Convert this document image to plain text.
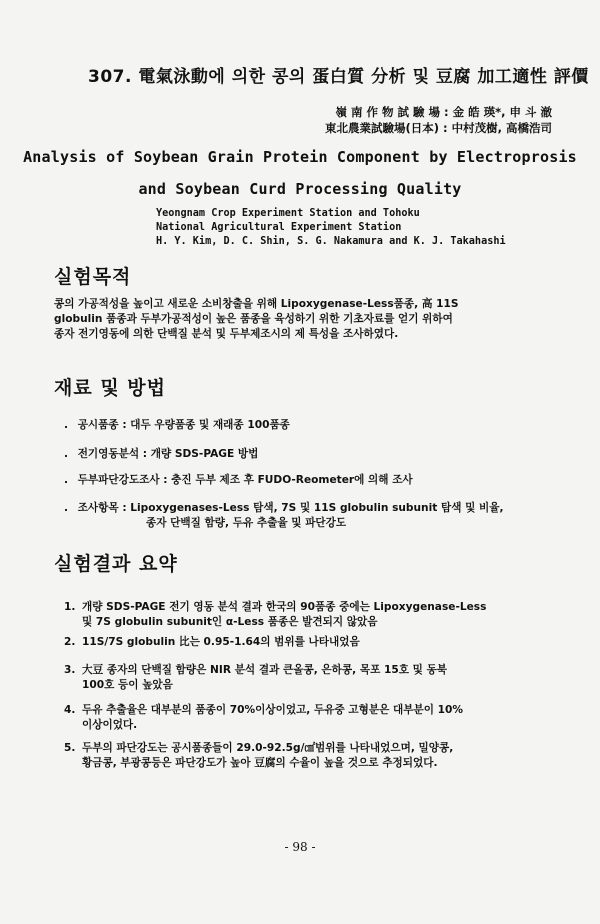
307. 電氣泳動에 의한 콩의 蛋白質 分析 및 豆腐 加工適性 評價
嶺 南 作 物 試 驗 場 : 金 皓 瑛*, 申 斗 澈
東北農業試驗場(日本) : 中村茂樹, 高橋浩司
Analysis of Soybean Grain Protein Component by Electroprosis
and Soybean Curd Processing Quality
Yeongnam Crop Experiment Station and Tohoku
National Agricultural Experiment Station
H. Y. Kim, D. C. Shin, S. G. Nakamura and K. J. Takahashi
실험목적
콩의 가공적성을 높이고 새로운 소비창출을 위해 Lipoxygenase-Less품종, 高 11S
globulin 품종과 두부가공적성이 높은 품종을 육성하기 위한 기초자료를 얻기 위하여
종자 전기영동에 의한 단백질 분석 및 두부제조시의 제 특성을 조사하였다.
재료 및 방법
. 공시품종 : 대두 우량품종 및 재래종 100품종
. 전기영동분석 : 개량 SDS-PAGE 방법
. 두부파단강도조사 : 충진 두부 제조 후 FUDO-Reometer에 의해 조사
. 조사항목 : Lipoxygenases-Less 탐색, 7S 및 11S globulin subunit 탐색 및 비율,
종자 단백질 함량, 두유 추출율 및 파단강도
실험결과 요약
1. 개량 SDS-PAGE 전기 영동 분석 결과 한국의 90품종 중에는 Lipoxygenase-Less
및 7S globulin subunit인 α-Less 품종은 발견되지 않았음
2. 11S/7S globulin 比는 0.95-1.64의 범위를 나타내었음
3. 大豆 종자의 단백질 함량은 NIR 분석 결과 큰올콩, 은하콩, 목포 15호 및 동북
100호 등이 높았음
4. 두유 추출율은 대부분의 품종이 70%이상이었고, 두유중 고형분은 대부분이 10%
이상이었다.
5. 두부의 파단강도는 공시품종들이 29.0-92.5g/㎠범위를 나타내었으며, 밀양콩,
황금콩, 부광콩등은 파단강도가 높아 豆腐의 수율이 높을 것으로 추정되었다.
- 98 -
